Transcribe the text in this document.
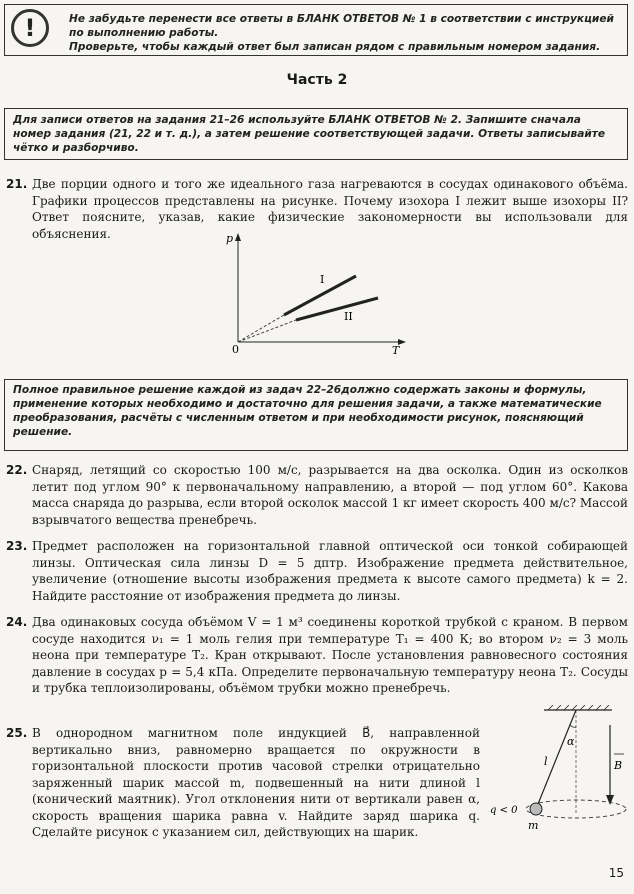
!	Не забудьте перенести все ответы в БЛАНК ОТВЕТОВ № 1 в соответствии с инструкцией по выполнению работы.
Проверьте, чтобы каждый ответ был записан рядом с правильным номером задания.
Часть 2
Для записи ответов на задания 21–26 используйте БЛАНК ОТВЕТОВ № 2. Запишите сначала номер задания (21, 22 и т. д.), а затем решение соответствующей задачи. Ответы записывайте чётко и разборчиво.
21. Две порции одного и того же идеального газа нагреваются в сосудах одинакового объёма. Графики процессов представлены на рисунке. Почему изохора I лежит выше изохоры II? Ответ поясните, указав, какие физические закономерности вы использовали для объяснения.	p
T
0
I
II
Полное правильное решение каждой из задач 22–26должно содержать законы и формулы, применение которых необходимо и достаточно для решения задачи, а также математические преобразования, расчёты с численным ответом и при необходимости рисунок, поясняющий решение.
22. Снаряд, летящий со скоростью 100 м/с, разрывается на два осколка. Один из осколков летит под углом 90° к первоначальному направлению, а второй — под углом 60°. Какова масса снаряда до разрыва, если второй осколок массой 1 кг имеет скорость 400 м/с? Массой взрывчатого вещества пренебречь.
23. Предмет расположен на горизонтальной главной оптической оси тонкой собирающей линзы. Оптическая сила линзы D = 5 дптр. Изображение предмета действительное, увеличение (отношение высоты изображения предмета к высоте самого предмета) k = 2. Найдите расстояние от изображения предмета до линзы.
24. Два одинаковых сосуда объёмом V = 1 м³ соединены короткой трубкой с краном. В первом сосуде находится ν₁ = 1 моль гелия при температуре T₁ = 400 К; во втором ν₂ = 3 моль неона при температуре T₂. Кран открывают. После установления равновесного состояния давление в сосудах p = 5,4 кПа. Определите первоначальную температуру неона T₂. Сосуды и трубка теплоизолированы, объёмом трубки можно пренебречь.
25. В однородном магнитном поле индукцией B⃗, направленной вертикально вниз, равномерно вращается по окружности в горизонтальной плоскости против часовой стрелки отрицательно заряженный шарик массой m, подвешенный на нити длиной l (конический маятник). Угол отклонения нити от вертикали равен α, скорость вращения шарика равна v. Найдите заряд шарика q. Сделайте рисунок с указанием сил, действующих на шарик.
α
l	B
q < 0
m
15
